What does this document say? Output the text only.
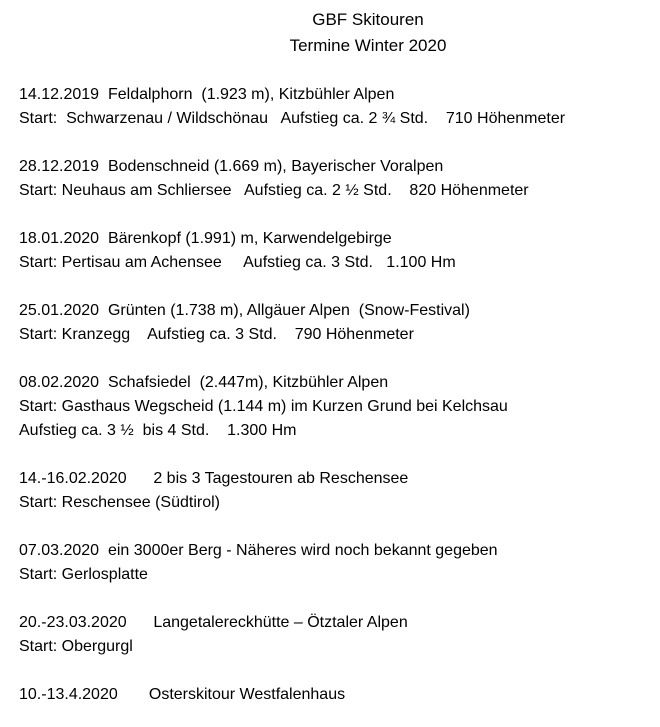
GBF Skitouren
Termine Winter 2020
14.12.2019  Feldalphorn  (1.923 m), Kitzbühler Alpen
Start:  Schwarzenau / Wildschönau   Aufstieg ca. 2 ¾ Std.    710 Höhenmeter
28.12.2019  Bodenschneid (1.669 m), Bayerischer Voralpen
Start: Neuhaus am Schliersee   Aufstieg ca. 2 ½ Std.    820 Höhenmeter
18.01.2020  Bärenkopf (1.991) m, Karwendelgebirge
Start: Pertisau am Achensee     Aufstieg ca. 3 Std.   1.100 Hm
25.01.2020  Grünten (1.738 m), Allgäuer Alpen  (Snow-Festival)
Start: Kranzegg    Aufstieg ca. 3 Std.    790 Höhenmeter
08.02.2020  Schafsiedel  (2.447m), Kitzbühler Alpen
Start: Gasthaus Wegscheid (1.144 m) im Kurzen Grund bei Kelchsau
Aufstieg ca. 3 ½  bis 4 Std.    1.300 Hm
14.-16.02.2020      2 bis 3 Tagestouren ab Reschensee
Start: Reschensee (Südtirol)
07.03.2020  ein 3000er Berg - Näheres wird noch bekannt gegeben
Start: Gerlosplatte
20.-23.03.2020      Langetalereckhütte – Ötztaler Alpen
Start: Obergurgl
10.-13.4.2020       Osterskitour Westfalenhaus
